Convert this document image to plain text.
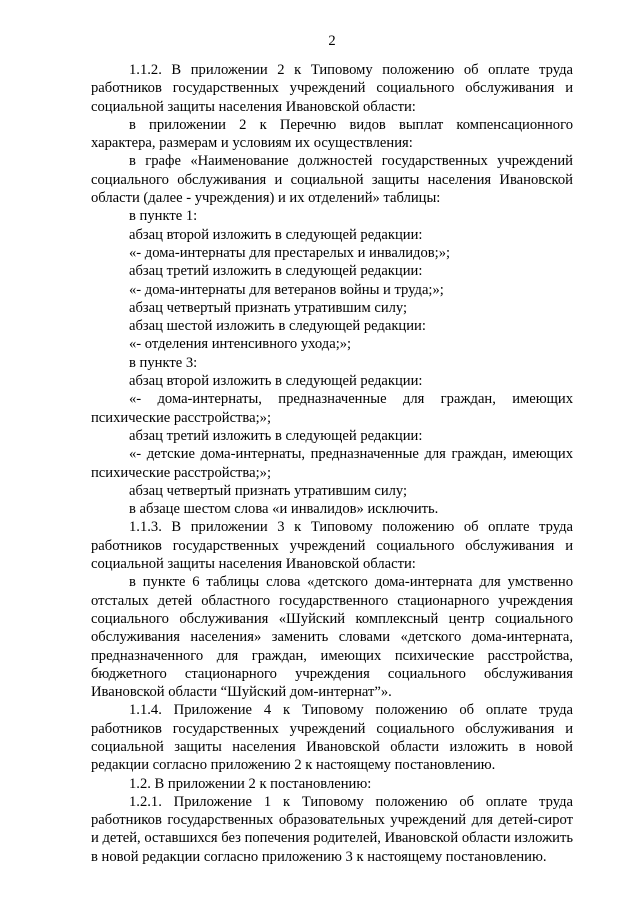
2

1.1.2. В приложении 2 к Типовому положению об оплате труда работников государственных учреждений социального обслуживания и социальной защиты населения Ивановской области:

в приложении 2 к Перечню видов выплат компенсационного характера, размерам и условиям их осуществления:

в графе «Наименование должностей государственных учреждений социального обслуживания и социальной защиты населения Ивановской области (далее - учреждения) и их отделений» таблицы:

в пункте 1:

абзац второй изложить в следующей редакции:

«- дома-интернаты для престарелых и инвалидов;»;

абзац третий изложить в следующей редакции:

«- дома-интернаты для ветеранов войны и труда;»;

абзац четвертый признать утратившим силу;

абзац шестой изложить в следующей редакции:

«- отделения интенсивного ухода;»;

в пункте 3:

абзац второй изложить в следующей редакции:

«- дома-интернаты, предназначенные для граждан, имеющих психические расстройства;»;

абзац третий изложить в следующей редакции:

«- детские дома-интернаты, предназначенные для граждан, имеющих психические расстройства;»;

абзац четвертый признать утратившим силу;

в абзаце шестом слова «и инвалидов» исключить.

1.1.3. В приложении 3 к Типовому положению об оплате труда работников государственных учреждений социального обслуживания и социальной защиты населения Ивановской области:

в пункте 6 таблицы слова «детского дома-интерната для умственно отсталых детей областного государственного стационарного учреждения социального обслуживания «Шуйский комплексный центр социального обслуживания населения» заменить словами «детского дома-интерната, предназначенного для граждан, имеющих психические расстройства, бюджетного стационарного учреждения социального обслуживания Ивановской области “Шуйский дом-интернат”».

1.1.4. Приложение 4 к Типовому положению об оплате труда работников государственных учреждений социального обслуживания и социальной защиты населения Ивановской области изложить в новой редакции согласно приложению 2 к настоящему постановлению.

1.2. В приложении 2 к постановлению:

1.2.1. Приложение 1 к Типовому положению об оплате труда работников государственных образовательных учреждений для детей-сирот и детей, оставшихся без попечения родителей, Ивановской области изложить в новой редакции согласно приложению 3 к настоящему постановлению.
